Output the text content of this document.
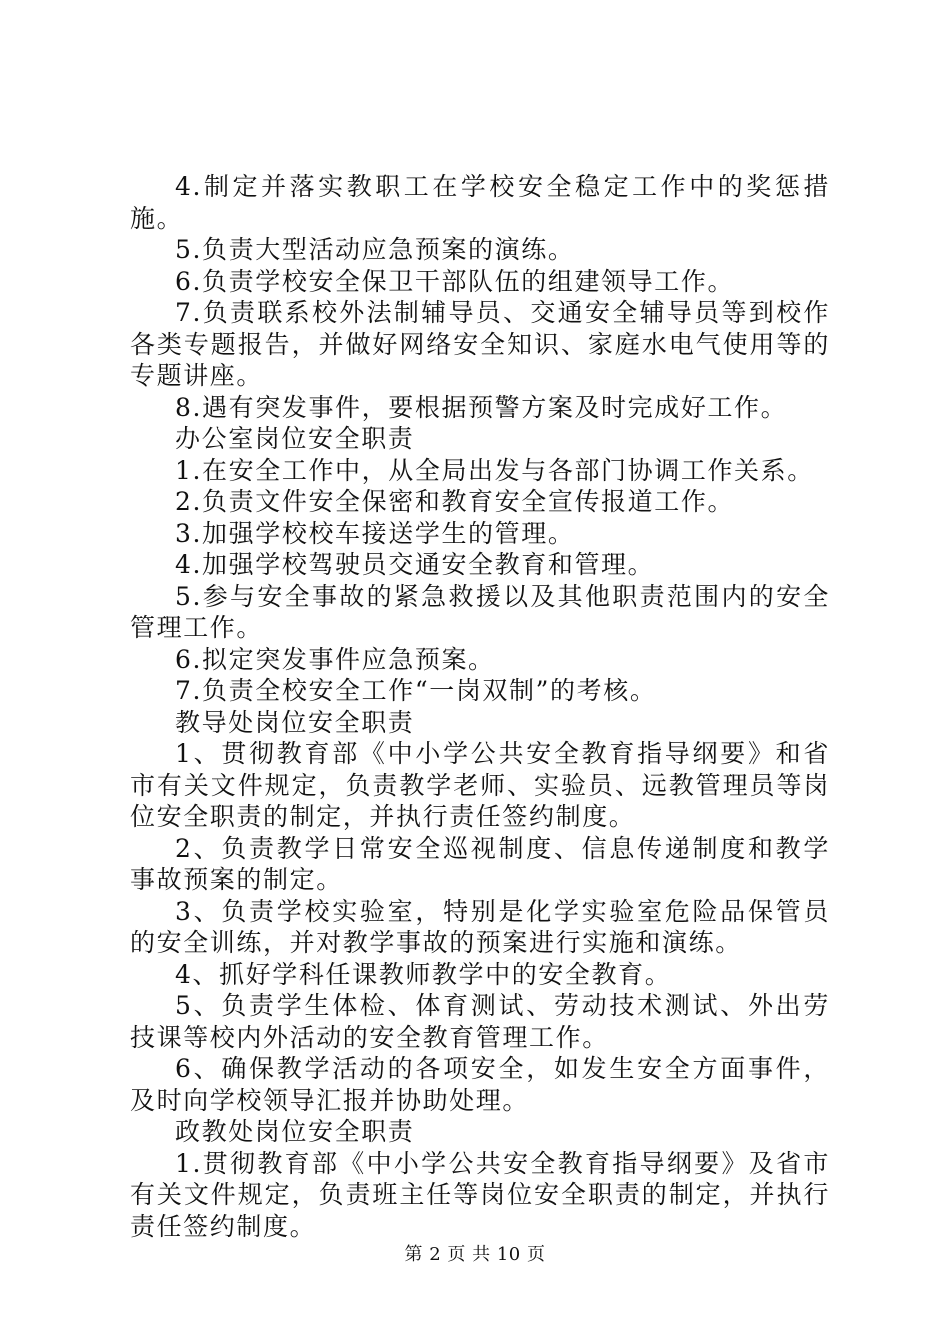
4.制定并落实教职工在学校安全稳定工作中的奖惩措施。

5.负责大型活动应急预案的演练。

6.负责学校安全保卫干部队伍的组建领导工作。

7.负责联系校外法制辅导员、交通安全辅导员等到校作各类专题报告，并做好网络安全知识、家庭水电气使用等的专题讲座。

8.遇有突发事件，要根据预警方案及时完成好工作。

办公室岗位安全职责

1.在安全工作中，从全局出发与各部门协调工作关系。

2.负责文件安全保密和教育安全宣传报道工作。

3.加强学校校车接送学生的管理。

4.加强学校驾驶员交通安全教育和管理。

5.参与安全事故的紧急救援以及其他职责范围内的安全管理工作。

6.拟定突发事件应急预案。

7.负责全校安全工作“一岗双制”的考核。

教导处岗位安全职责

1、贯彻教育部《中小学公共安全教育指导纲要》和省市有关文件规定，负责教学老师、实验员、远教管理员等岗位安全职责的制定，并执行责任签约制度。

2、负责教学日常安全巡视制度、信息传递制度和教学事故预案的制定。

3、负责学校实验室，特别是化学实验室危险品保管员的安全训练，并对教学事故的预案进行实施和演练。

4、抓好学科任课教师教学中的安全教育。

5、负责学生体检、体育测试、劳动技术测试、外出劳技课等校内外活动的安全教育管理工作。

6、确保教学活动的各项安全，如发生安全方面事件，及时向学校领导汇报并协助处理。

政教处岗位安全职责

1.贯彻教育部《中小学公共安全教育指导纲要》及省市有关文件规定，负责班主任等岗位安全职责的制定，并执行责任签约制度。

第 2 页 共 10 页
